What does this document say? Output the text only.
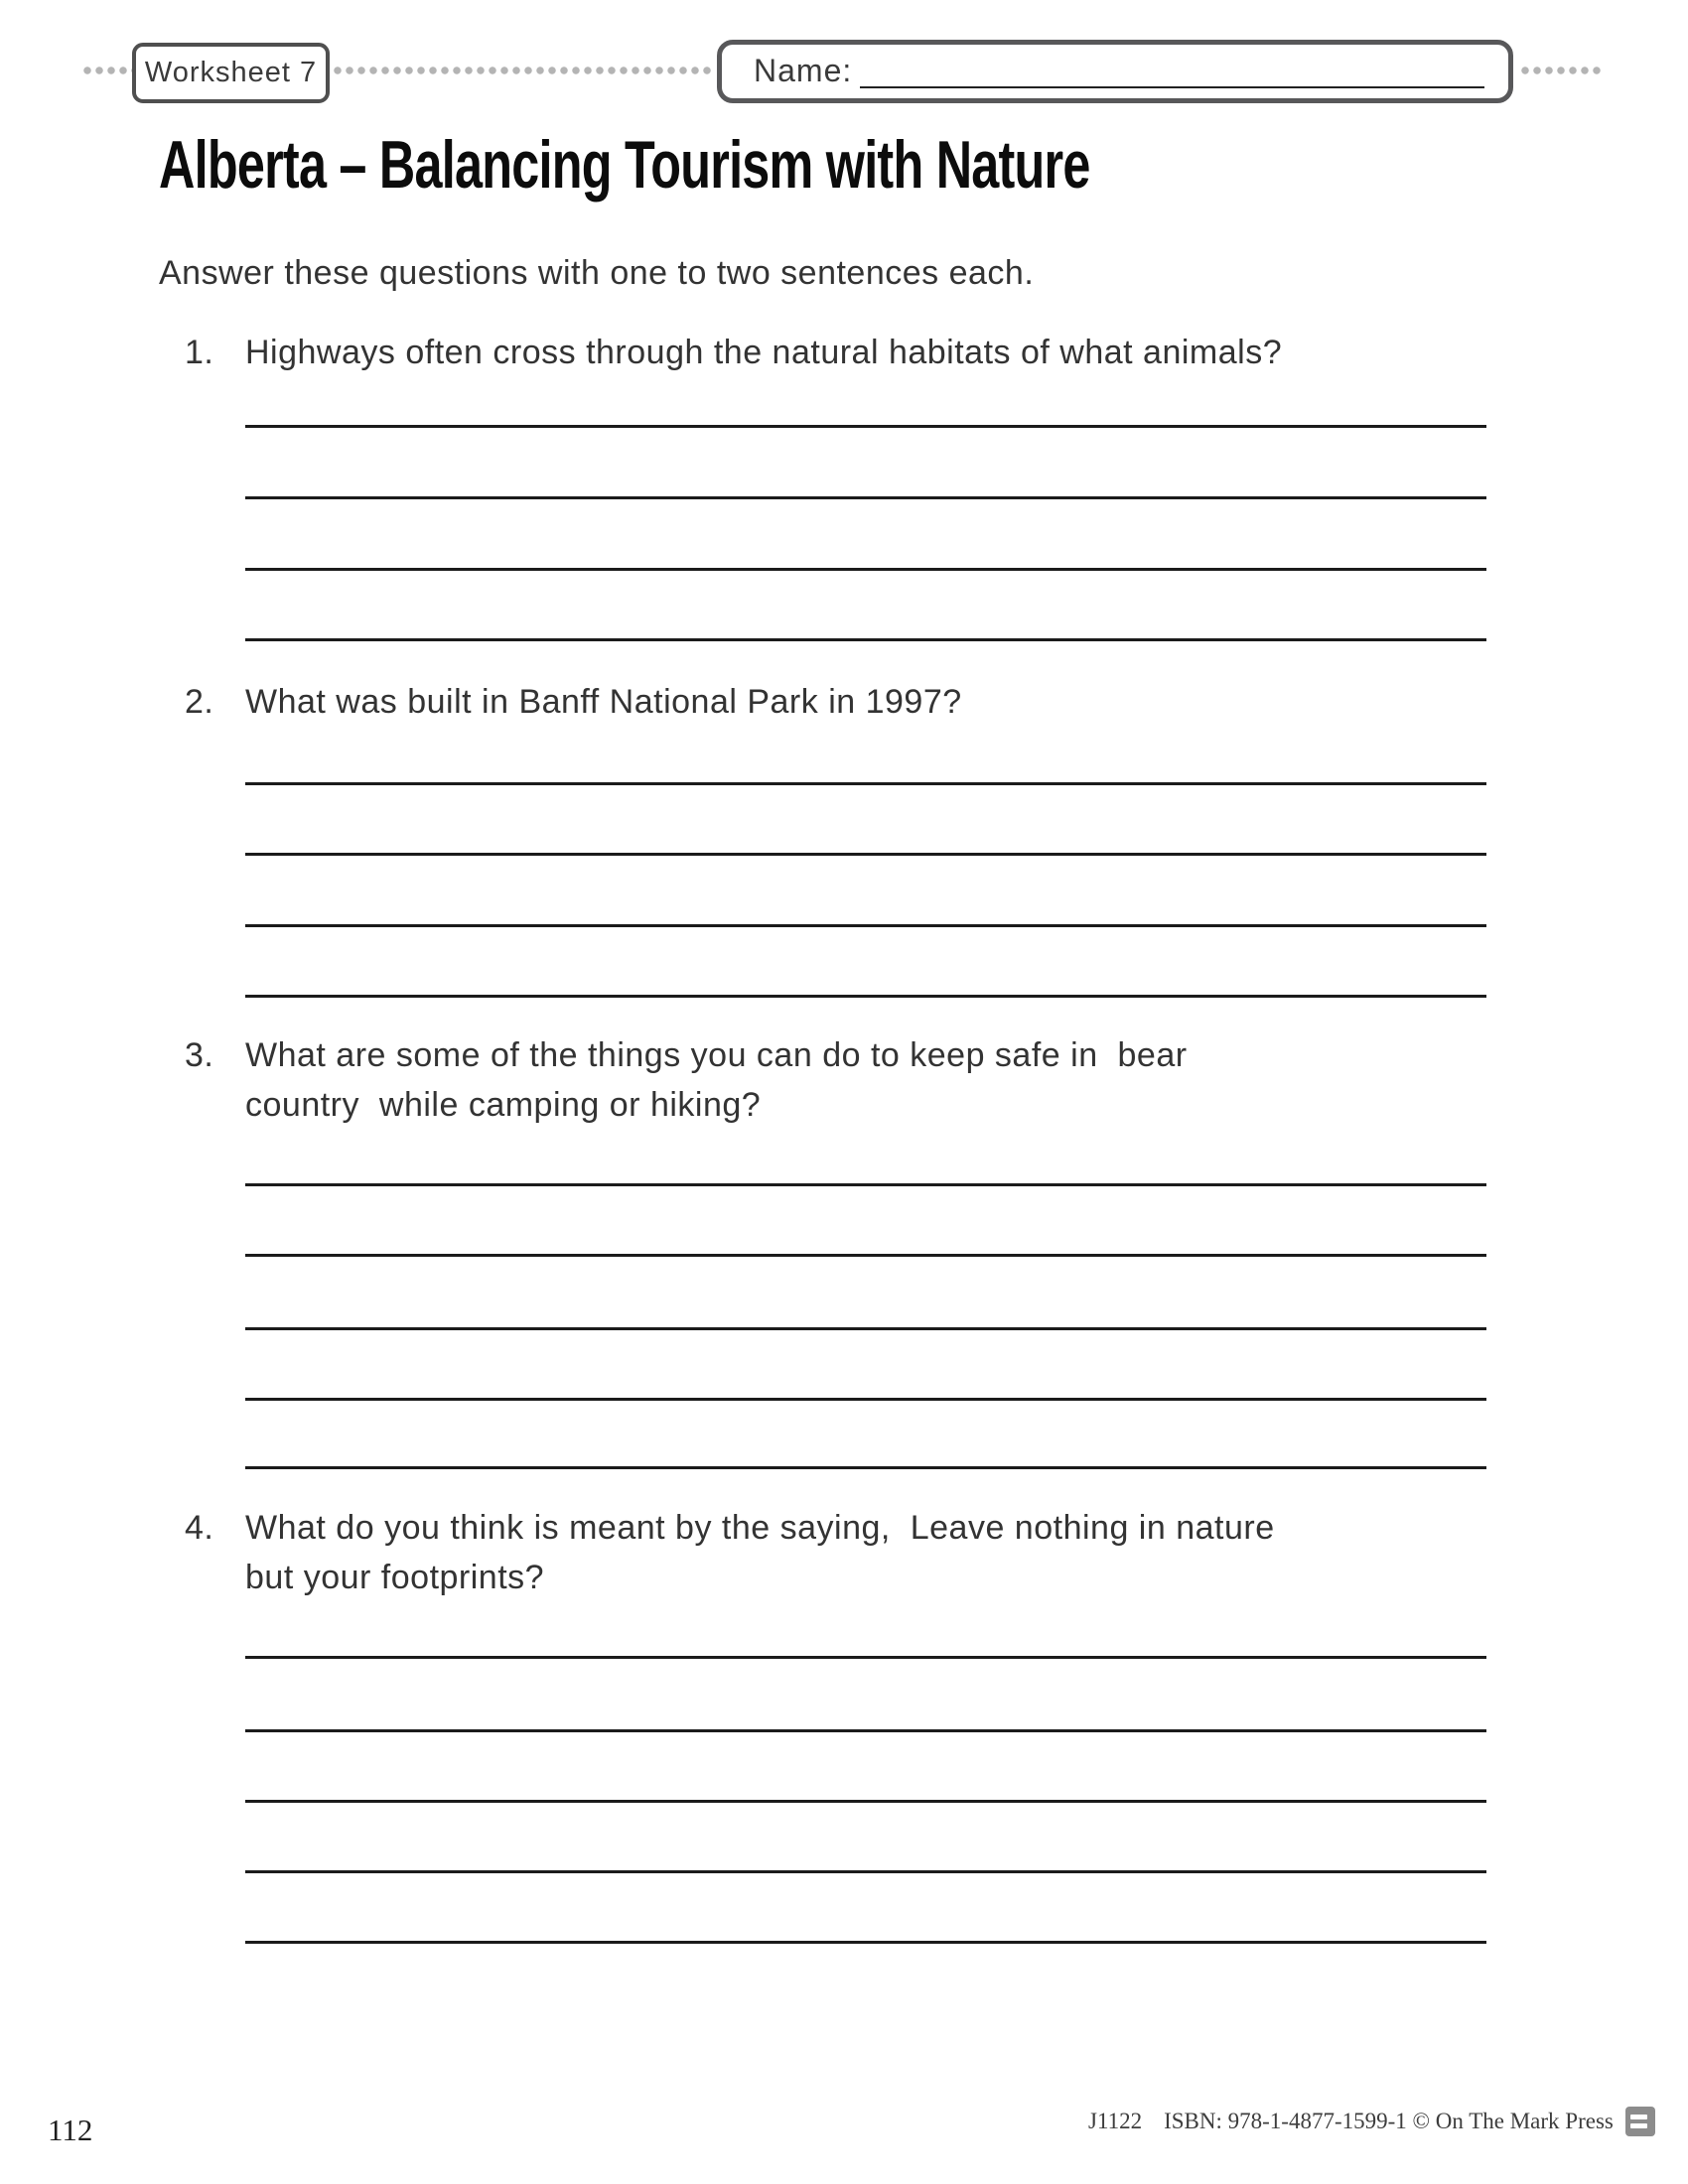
Worksheet 7	Name:
Alberta – Balancing Tourism with Nature

Answer these questions with one to two sentences each.

1. Highways often cross through the natural habitats of what animals?
2. What was built in Banff National Park in 1997?
3. What are some of the things you can do to keep safe in  bear
country  while camping or hiking?
4. What do you think is meant by the saying,  Leave nothing in nature
but your footprints?
112	J1122 ISBN: 978-1-4877-1599-1 © On The Mark Press
